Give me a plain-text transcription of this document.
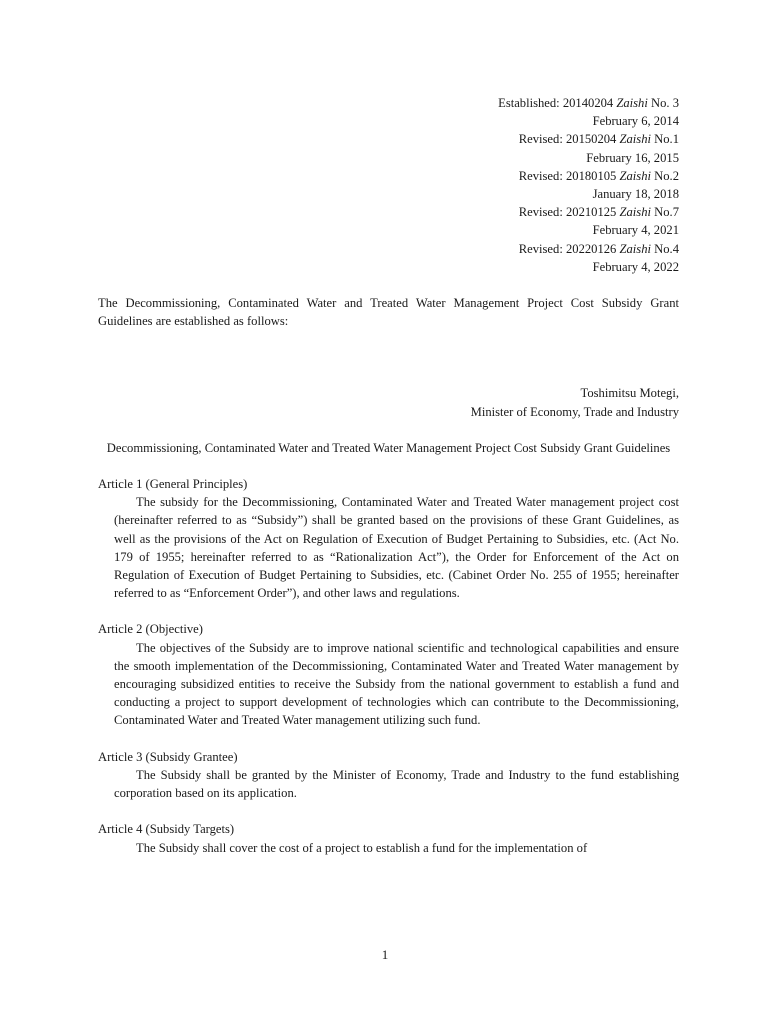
Established: 20140204 Zaishi No. 3
February 6, 2014
Revised: 20150204 Zaishi No.1
February 16, 2015
Revised: 20180105 Zaishi No.2
January 18, 2018
Revised: 20210125 Zaishi No.7
February 4, 2021
Revised: 20220126 Zaishi No.4
February 4, 2022

The Decommissioning, Contaminated Water and Treated Water Management Project Cost Subsidy Grant Guidelines are established as follows:

Toshimitsu Motegi,
Minister of Economy, Trade and Industry
Decommissioning, Contaminated Water and Treated Water Management Project Cost Subsidy Grant Guidelines
Article 1 (General Principles)
The subsidy for the Decommissioning, Contaminated Water and Treated Water management project cost (hereinafter referred to as “Subsidy”) shall be granted based on the provisions of these Grant Guidelines, as well as the provisions of the Act on Regulation of Execution of Budget Pertaining to Subsidies, etc. (Act No. 179 of 1955; hereinafter referred to as “Rationalization Act”), the Order for Enforcement of the Act on Regulation of Execution of Budget Pertaining to Subsidies, etc. (Cabinet Order No. 255 of 1955; hereinafter referred to as “Enforcement Order”), and other laws and regulations.
Article 2 (Objective)
The objectives of the Subsidy are to improve national scientific and technological capabilities and ensure the smooth implementation of the Decommissioning, Contaminated Water and Treated Water management by encouraging subsidized entities to receive the Subsidy from the national government to establish a fund and conducting a project to support development of technologies which can contribute to the Decommissioning, Contaminated Water and Treated Water management utilizing such fund.
Article 3 (Subsidy Grantee)
The Subsidy shall be granted by the Minister of Economy, Trade and Industry to the fund establishing corporation based on its application.
Article 4 (Subsidy Targets)
The Subsidy shall cover the cost of a project to establish a fund for the implementation of
1
